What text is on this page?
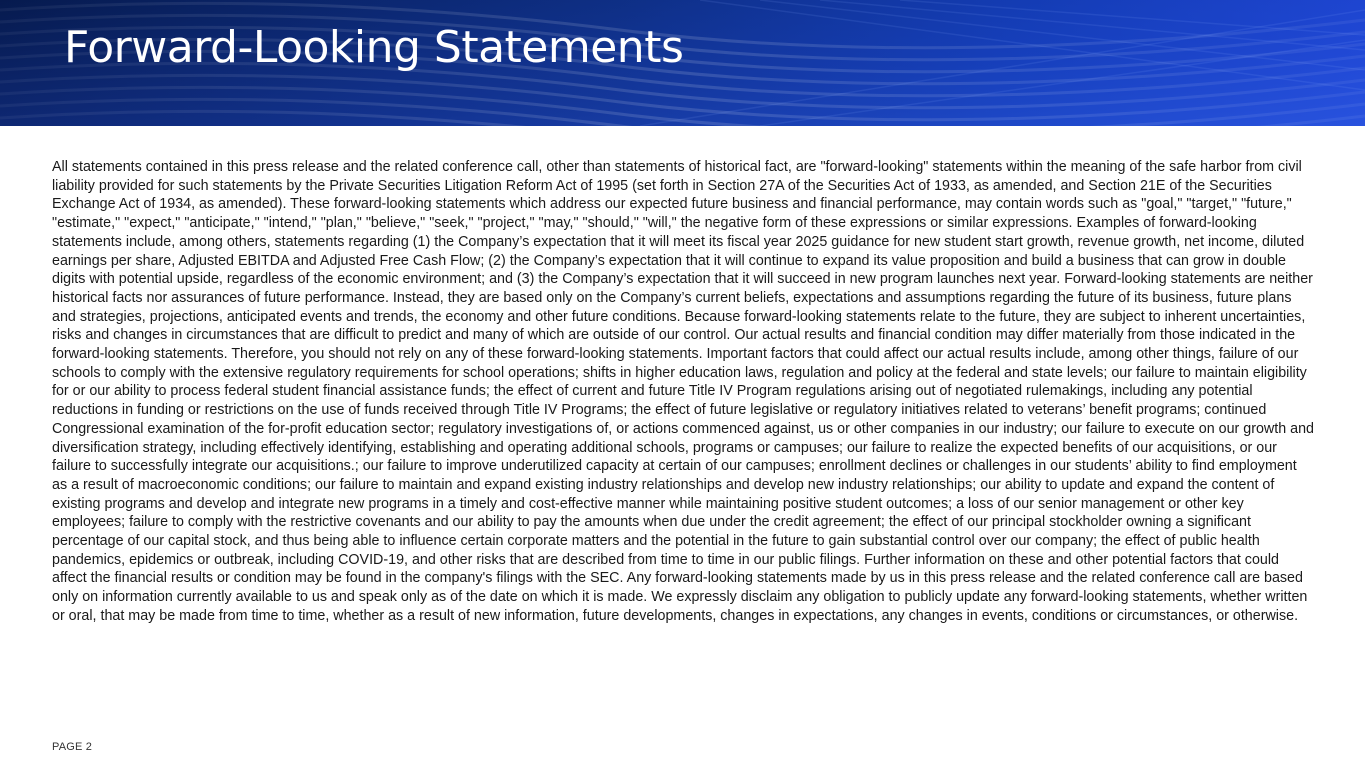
Forward-Looking Statements

All statements contained in this press release and the related conference call, other than statements of historical fact, are "forward-looking" statements within the meaning of the safe harbor from civil liability provided for such statements by the Private Securities Litigation Reform Act of 1995 (set forth in Section 27A of the Securities Act of 1933, as amended, and Section 21E of the Securities Exchange Act of 1934, as amended). These forward-looking statements which address our expected future business and financial performance, may contain words such as "goal," "target," "future," "estimate," "expect," "anticipate," "intend," "plan," "believe," "seek," "project," "may," "should," "will," the negative form of these expressions or similar expressions. Examples of forward-looking statements include, among others, statements regarding (1) the Company’s expectation that it will meet its fiscal year 2025 guidance for new student start growth, revenue growth, net income, diluted earnings per share, Adjusted EBITDA and Adjusted Free Cash Flow; (2) the Company’s expectation that it will continue to expand its value proposition and build a business that can grow in double digits with potential upside, regardless of the economic environment; and (3) the Company’s expectation that it will succeed in new program launches next year. Forward-looking statements are neither historical facts nor assurances of future performance. Instead, they are based only on the Company’s current beliefs, expectations and assumptions regarding the future of its business, future plans and strategies, projections, anticipated events and trends, the economy and other future conditions. Because forward-looking statements relate to the future, they are subject to inherent uncertainties, risks and changes in circumstances that are difficult to predict and many of which are outside of our control. Our actual results and financial condition may differ materially from those indicated in the forward-looking statements. Therefore, you should not rely on any of these forward-looking statements. Important factors that could affect our actual results include, among other things, failure of our schools to comply with the extensive regulatory requirements for school operations; shifts in higher education laws, regulation and policy at the federal and state levels; our failure to maintain eligibility for or our ability to process federal student financial assistance funds; the effect of current and future Title IV Program regulations arising out of negotiated rulemakings, including any potential reductions in funding or restrictions on the use of funds received through Title IV Programs; the effect of future legislative or regulatory initiatives related to veterans’ benefit programs; continued Congressional examination of the for-profit education sector; regulatory investigations of, or actions commenced against, us or other companies in our industry; our failure to execute on our growth and diversification strategy, including effectively identifying, establishing and operating additional schools, programs or campuses; our failure to realize the expected benefits of our acquisitions, or our failure to successfully integrate our acquisitions.; our failure to improve underutilized capacity at certain of our campuses; enrollment declines or challenges in our students’ ability to find employment as a result of macroeconomic conditions; our failure to maintain and expand existing industry relationships and develop new industry relationships; our ability to update and expand the content of existing programs and develop and integrate new programs in a timely and cost-effective manner while maintaining positive student outcomes; a loss of our senior management or other key employees; failure to comply with the restrictive covenants and our ability to pay the amounts when due under the credit agreement; the effect of our principal stockholder owning a significant percentage of our capital stock, and thus being able to influence certain corporate matters and the potential in the future to gain substantial control over our company; the effect of public health pandemics, epidemics or outbreak, including COVID-19, and other risks that are described from time to time in our public filings. Further information on these and other potential factors that could affect the financial results or condition may be found in the company's filings with the SEC. Any forward-looking statements made by us in this press release and the related conference call are based only on information currently available to us and speak only as of the date on which it is made. We expressly disclaim any obligation to publicly update any forward-looking statements, whether written or oral, that may be made from time to time, whether as a result of new information, future developments, changes in expectations, any changes in events, conditions or circumstances, or otherwise.

PAGE 2
